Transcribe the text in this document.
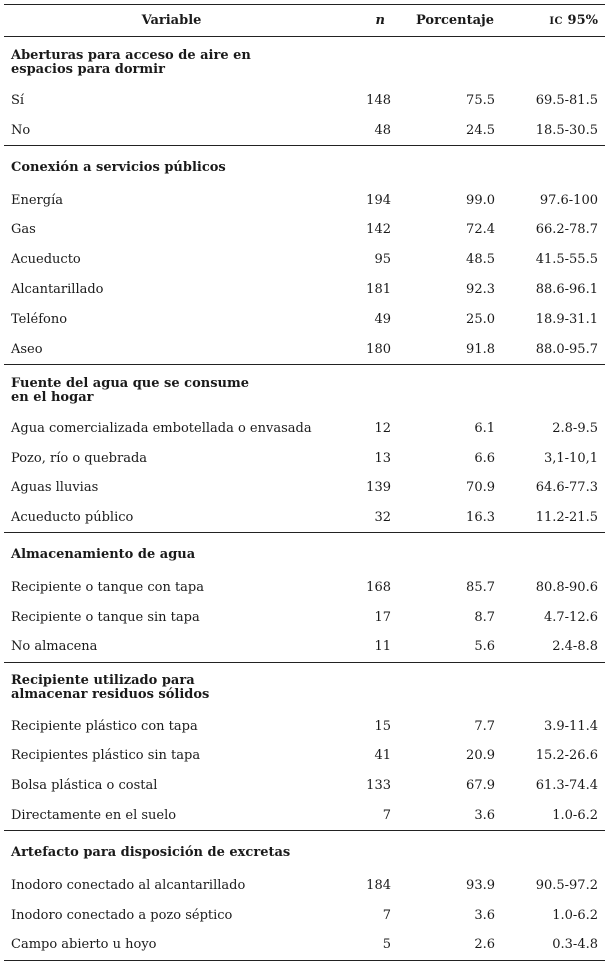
Variable	n	Porcentaje	IC 95%

Aberturas para acceso de aire en espacios para dormir			

Sí	148	75.5	69.5-81.5
No	48	24.5	18.5-30.5
Conexión a servicios públicos			
Energía	194	99.0	97.6-100
Gas	142	72.4	66.2-78.7
Acueducto	95	48.5	41.5-55.5
Alcantarillado	181	92.3	88.6-96.1
Teléfono	49	25.0	18.9-31.1
Aseo	180	91.8	88.0-95.7

Fuente del agua que se consume en el hogar			

Agua comercializada embotellada o envasada	12	6.1	2.8-9.5
Pozo, río o quebrada	13	6.6	3,1-10,1
Aguas lluvias	139	70.9	64.6-77.3
Acueducto público	32	16.3	11.2-21.5
Almacenamiento de agua			
Recipiente o tanque con tapa	168	85.7	80.8-90.6
Recipiente o tanque sin tapa	17	8.7	4.7-12.6
No almacena	11	5.6	2.4-8.8

Recipiente utilizado para almacenar residuos sólidos			

Recipiente plástico con tapa	15	7.7	3.9-11.4
Recipientes plástico sin tapa	41	20.9	15.2-26.6
Bolsa plástica o costal	133	67.9	61.3-74.4
Directamente en el suelo	7	3.6	1.0-6.2
Artefacto para disposición de excretas			
Inodoro conectado al alcantarillado	184	93.9	90.5-97.2
Inodoro conectado a pozo séptico	7	3.6	1.0-6.2
Campo abierto u hoyo	5	2.6	0.3-4.8
